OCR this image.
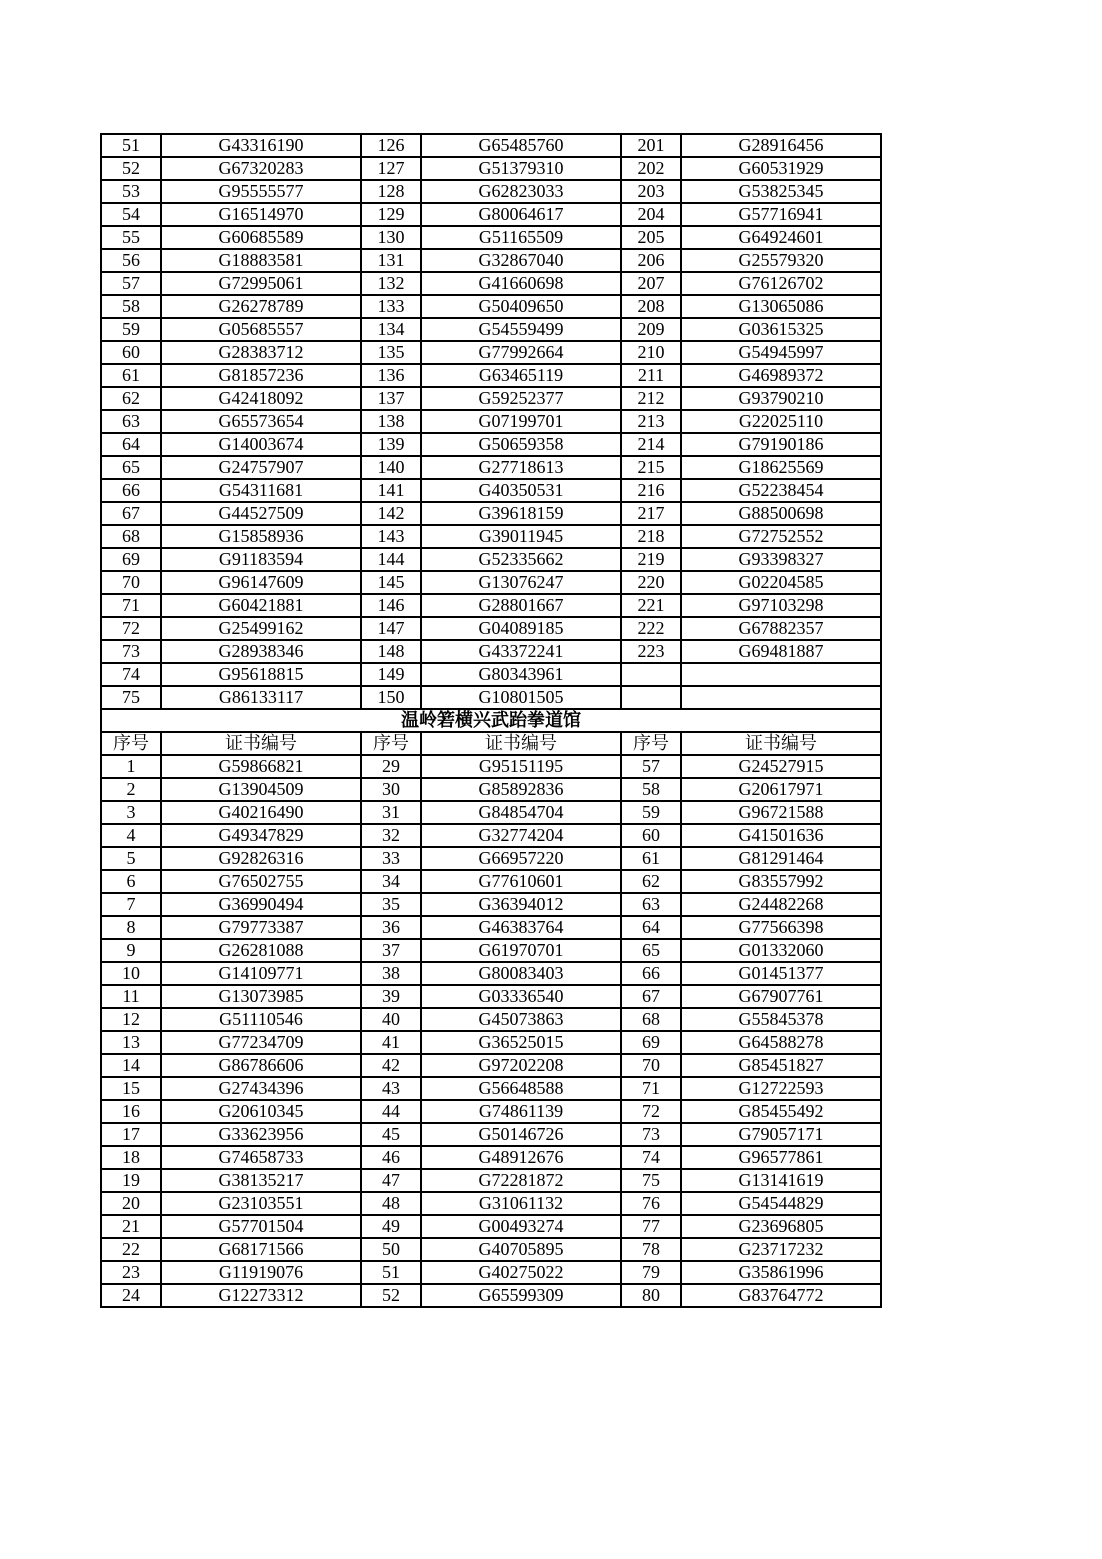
51	G43316190	126	G65485760	201	G28916456
52	G67320283	127	G51379310	202	G60531929
53	G95555577	128	G62823033	203	G53825345
54	G16514970	129	G80064617	204	G57716941
55	G60685589	130	G51165509	205	G64924601
56	G18883581	131	G32867040	206	G25579320
57	G72995061	132	G41660698	207	G76126702
58	G26278789	133	G50409650	208	G13065086
59	G05685557	134	G54559499	209	G03615325
60	G28383712	135	G77992664	210	G54945997
61	G81857236	136	G63465119	211	G46989372
62	G42418092	137	G59252377	212	G93790210
63	G65573654	138	G07199701	213	G22025110
64	G14003674	139	G50659358	214	G79190186
65	G24757907	140	G27718613	215	G18625569
66	G54311681	141	G40350531	216	G52238454
67	G44527509	142	G39618159	217	G88500698
68	G15858936	143	G39011945	218	G72752552
69	G91183594	144	G52335662	219	G93398327
70	G96147609	145	G13076247	220	G02204585
71	G60421881	146	G28801667	221	G97103298
72	G25499162	147	G04089185	222	G67882357
73	G28938346	148	G43372241	223	G69481887
74	G95618815	149	G80343961		
75	G86133117	150	G10801505		
温岭箬横兴武跆拳道馆					
序号	证书编号	序号	证书编号	序号	证书编号
1	G59866821	29	G95151195	57	G24527915
2	G13904509	30	G85892836	58	G20617971
3	G40216490	31	G84854704	59	G96721588
4	G49347829	32	G32774204	60	G41501636
5	G92826316	33	G66957220	61	G81291464
6	G76502755	34	G77610601	62	G83557992
7	G36990494	35	G36394012	63	G24482268
8	G79773387	36	G46383764	64	G77566398
9	G26281088	37	G61970701	65	G01332060
10	G14109771	38	G80083403	66	G01451377
11	G13073985	39	G03336540	67	G67907761
12	G51110546	40	G45073863	68	G55845378
13	G77234709	41	G36525015	69	G64588278
14	G86786606	42	G97202208	70	G85451827
15	G27434396	43	G56648588	71	G12722593
16	G20610345	44	G74861139	72	G85455492
17	G33623956	45	G50146726	73	G79057171
18	G74658733	46	G48912676	74	G96577861
19	G38135217	47	G72281872	75	G13141619
20	G23103551	48	G31061132	76	G54544829
21	G57701504	49	G00493274	77	G23696805
22	G68171566	50	G40705895	78	G23717232
23	G11919076	51	G40275022	79	G35861996
24	G12273312	52	G65599309	80	G83764772
